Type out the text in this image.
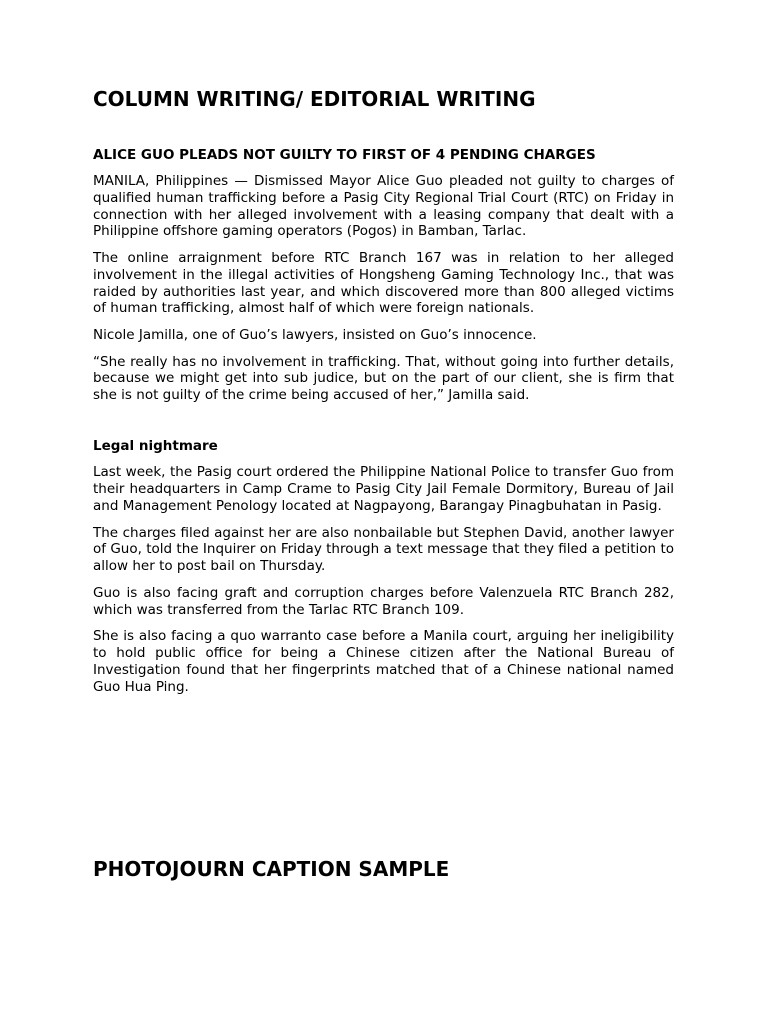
COLUMN WRITING/ EDITORIAL WRITING
ALICE GUO PLEADS NOT GUILTY TO FIRST OF 4 PENDING CHARGES

MANILA, Philippines — Dismissed Mayor Alice Guo pleaded not guilty to charges of qualified human trafficking before a Pasig City Regional Trial Court (RTC) on Friday in connection with her alleged involvement with a leasing company that dealt with a Philippine offshore gaming operators (Pogos) in Bamban, Tarlac.

The online arraignment before RTC Branch 167 was in relation to her alleged involvement in the illegal activities of Hongsheng Gaming Technology Inc., that was raided by authorities last year, and which discovered more than 800 alleged victims of human trafficking, almost half of which were foreign nationals.

Nicole Jamilla, one of Guo’s lawyers, insisted on Guo’s innocence.

“She really has no involvement in trafficking. That, without going into further details, because we might get into sub judice, but on the part of our client, she is firm that she is not guilty of the crime being accused of her,” Jamilla said.

Legal nightmare

Last week, the Pasig court ordered the Philippine National Police to transfer Guo from their headquarters in Camp Crame to Pasig City Jail Female Dormitory, Bureau of Jail and Management Penology located at Nagpayong, Barangay Pinagbuhatan in Pasig.

The charges filed against her are also nonbailable but Stephen David, another lawyer of Guo, told the Inquirer on Friday through a text message that they filed a petition to allow her to post bail on Thursday.

Guo is also facing graft and corruption charges before Valenzuela RTC Branch 282, which was transferred from the Tarlac RTC Branch 109.

She is also facing a quo warranto case before a Manila court, arguing her ineligibility to hold public office for being a Chinese citizen after the National Bureau of Investigation found that her fingerprints matched that of a Chinese national named Guo Hua Ping.

PHOTOJOURN CAPTION SAMPLE
